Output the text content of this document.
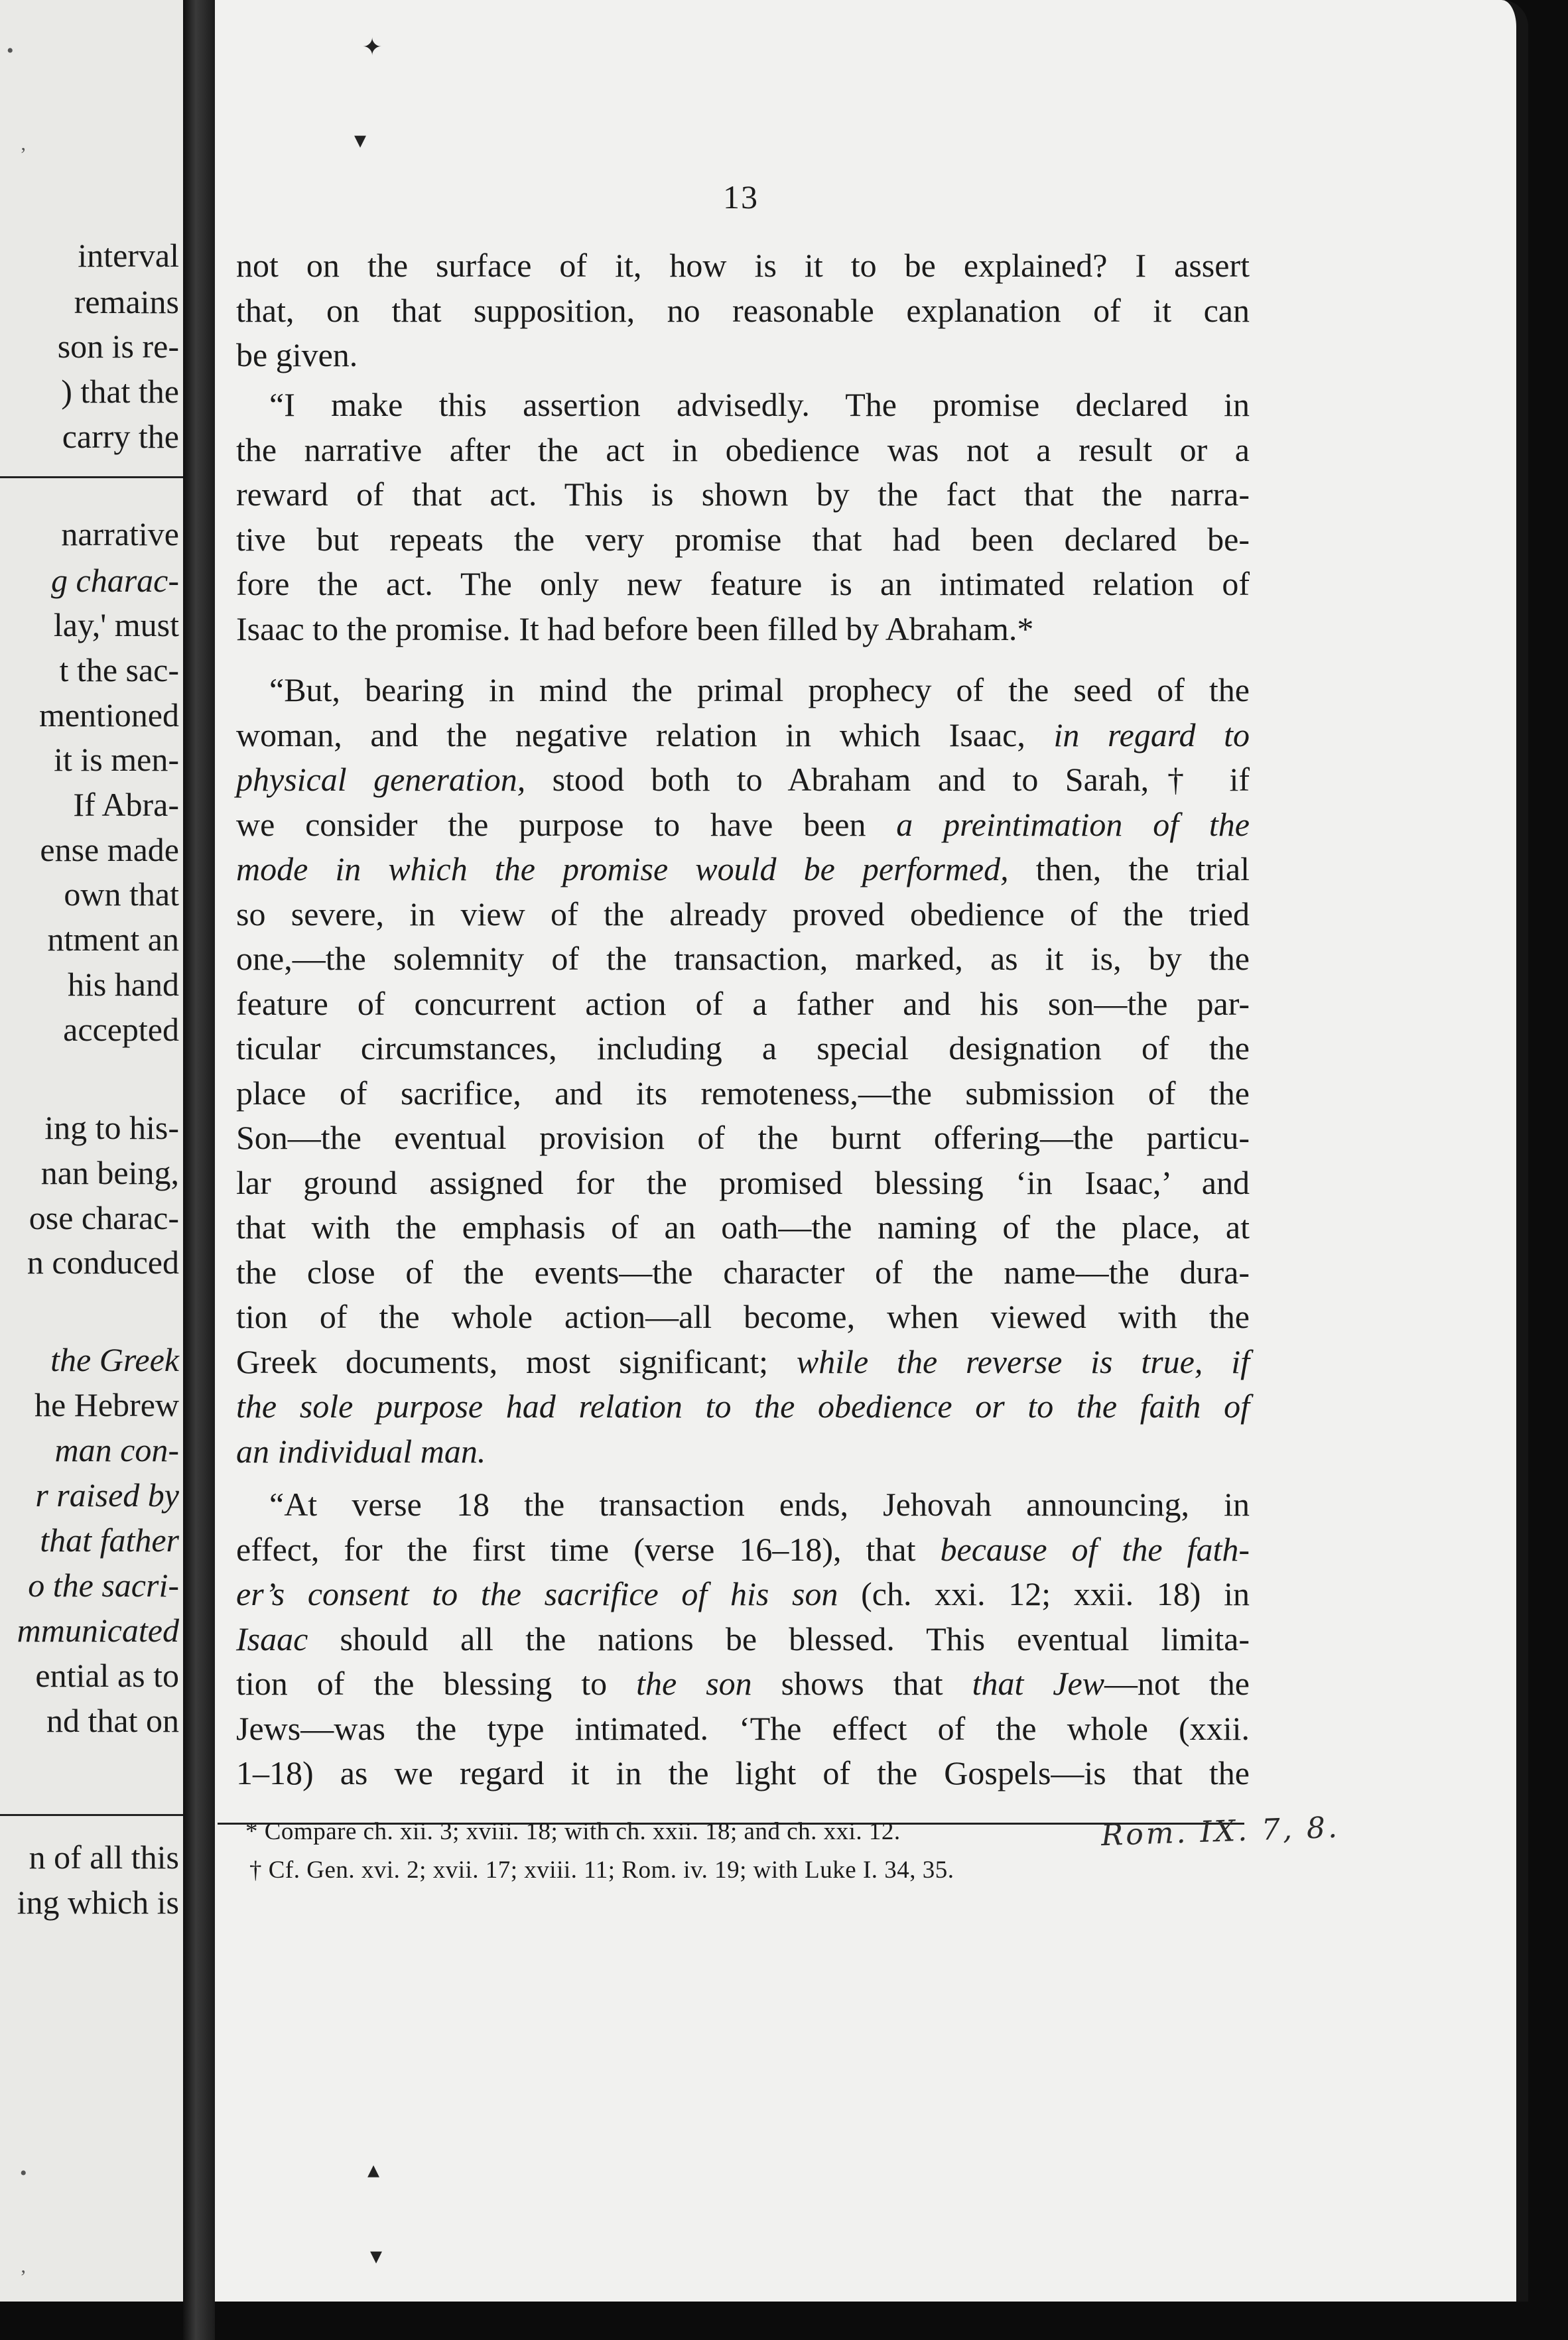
•
‚
interval
remains
son is re-
) that the
carry the
narrative
g charac-
lay,' must
t the sac-
mentioned
it is men-
If Abra-
ense made
own that
ntment an
his hand
accepted
ing to his-
nan being,
ose charac-
n conduced
the Greek
he Hebrew
man con-
r raised by
that father
o the sacri-
mmunicated
ential as to
nd that on
n of all this
ing which is
•
‚
✦
▾
▴
▾
13
not on the surface of it, how is it to be explained? I assert
that, on that supposition, no reasonable explanation of it can
be given.
“I make this assertion advisedly. The promise declared in
the narrative after the act in obedience was not a result or a
reward of that act. This is shown by the fact that the narra-
tive but repeats the very promise that had been declared be-
fore the act. The only new feature is an intimated relation of
Isaac to the promise. It had before been filled by Abraham.*
“But, bearing in mind the primal prophecy of the seed of the
woman, and the negative relation in which Isaac, in regard to
physical generation, stood both to Abraham and to Sarah,† if
we consider the purpose to have been a preintimation of the
mode in which the promise would be performed, then, the trial
so severe, in view of the already proved obedience of the tried
one,—the solemnity of the transaction, marked, as it is, by the
feature of concurrent action of a father and his son—the par-
ticular circumstances, including a special designation of the
place of sacrifice, and its remoteness,—the submission of the
Son—the eventual provision of the burnt offering—the particu-
lar ground assigned for the promised blessing ‘in Isaac,’ and
that with the emphasis of an oath—the naming of the place, at
the close of the events—the character of the name—the dura-
tion of the whole action—all become, when viewed with the
Greek documents, most significant; while the reverse is true, if
the sole purpose had relation to the obedience or to the faith of
an individual man.
“At verse 18 the transaction ends, Jehovah announcing, in
effect, for the first time (verse 16–18), that because of the fath-
er’s consent to the sacrifice of his son (ch. xxi. 12; xxii. 18) in
Isaac should all the nations be blessed. This eventual limita-
tion of the blessing to the son shows that that Jew—not the
Jews—was the type intimated. ‘The effect of the whole (xxii.
1–18) as we regard it in the light of the Gospels—is that the
* Compare ch. xii. 3; xviii. 18; with ch. xxii. 18; and ch. xxi. 12.
† Cf. Gen. xvi. 2; xvii. 17; xviii. 11; Rom. iv. 19; with Luke I. 34, 35.
Rom. IX. 7, 8.
